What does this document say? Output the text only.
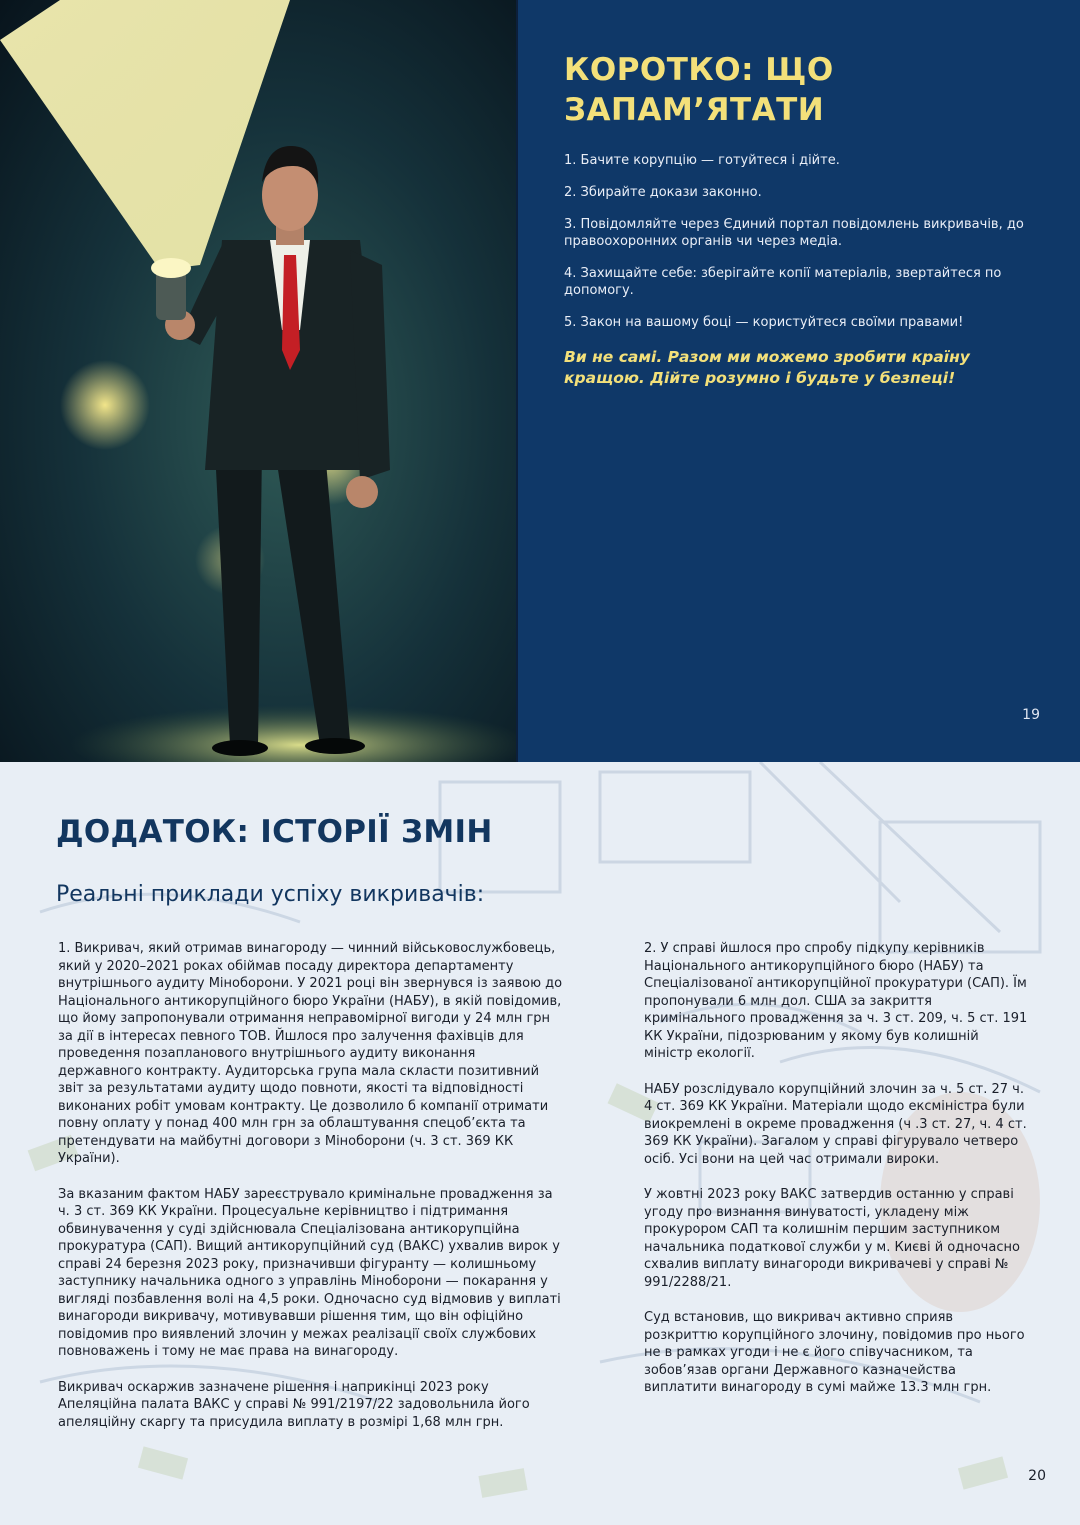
КОРОТКО: ЩО ЗАПАМ’ЯТАТИ
1. Бачите корупцію — готуйтеся і дійте.
2. Збирайте докази законно.
3. Повідомляйте через Єдиний портал повідомлень викривачів, до правоохоронних органів чи через медіа.
4. Захищайте себе: зберігайте копії матеріалів, звертайтеся по допомогу.
5. Закон на вашому боці — користуйтеся своїми правами!
Ви не самі. Разом ми можемо зробити країну кращою. Дійте розумно і будьте у безпеці!
19
ДОДАТОК: ІСТОРІЇ ЗМІН
Реальні приклади успіху викривачів:

1. Викривач, який отримав винагороду — чинний військовослужбовець, який у 2020–2021 роках обіймав посаду директора департаменту внутрішнього аудиту Міноборони. У 2021 році він звернувся із заявою до Національного антикорупційного бюро України (НАБУ), в якій повідомив, що йому запропонували отримання неправомірної вигоди у 24 млн грн за дії в інтересах певного ТОВ. Йшлося про залучення фахівців для проведення позапланового внутрішнього аудиту виконання державного контракту. Аудиторська група мала скласти позитивний звіт за результатами аудиту щодо повноти, якості та відповідності виконаних робіт умовам контракту. Це дозволило б компанії отримати повну оплату у понад 400 млн грн за облаштування спецоб’єкта та претендувати на майбутні договори з Міноборони (ч. 3 ст. 369 КК України).

За вказаним фактом НАБУ зареєструвало кримінальне провадження за ч. 3 ст. 369 КК України. Процесуальне керівництво і підтримання обвинувачення у суді здійснювала Спеціалізована антикорупційна прокуратура (САП). Вищий антикорупційний суд (ВАКС) ухвалив вирок у справі 24 березня 2023 року, призначивши фігуранту — колишньому заступнику начальника одного з управлінь Міноборони — покарання у вигляді позбавлення волі на 4,5 роки. Одночасно суд відмовив у виплаті винагороди викривачу, мотивувавши рішення тим, що він офіційно повідомив про виявлений злочин у межах реалізації своїх службових повноважень і тому не має права на винагороду.

Викривач оскаржив зазначене рішення і наприкінці 2023 року Апеляційна палата ВАКС у справі № 991/2197/22 задовольнила його апеляційну скаргу та присудила виплату в розмірі 1,68 млн грн.

2. У справі йшлося про спробу підкупу керівників Національного антикорупційного бюро (НАБУ) та Спеціалізованої антикорупційної прокуратури (САП). Їм пропонували 6 млн дол. США за закриття кримінального провадження за ч. 3 ст. 209, ч. 5 ст. 191 КК України, підозрюваним у якому був колишній міністр екології.

НАБУ розслідувало корупційний злочин за ч. 5 ст. 27 ч. 4 ст. 369 КК України. Матеріали щодо ексміністра були виокремлені в окреме провадження (ч .3 ст. 27, ч. 4 ст. 369 КК України). Загалом у справі фігурувало четверо осіб. Усі вони на цей час отримали вироки.

У жовтні 2023 року ВАКС затвердив останню у справі угоду про визнання винуватості, укладену між прокурором САП та колишнім першим заступником начальника податкової служби у м. Києві й одночасно схвалив виплату винагороди викривачеві у справі № 991/2288/21.

Суд встановив, що викривач активно сприяв розкриттю корупційного злочину, повідомив про нього не в рамках угоди і не є його співучасником, та зобов’язав органи Державного казначейства виплатити винагороду в сумі майже 13.3 млн грн.

20
